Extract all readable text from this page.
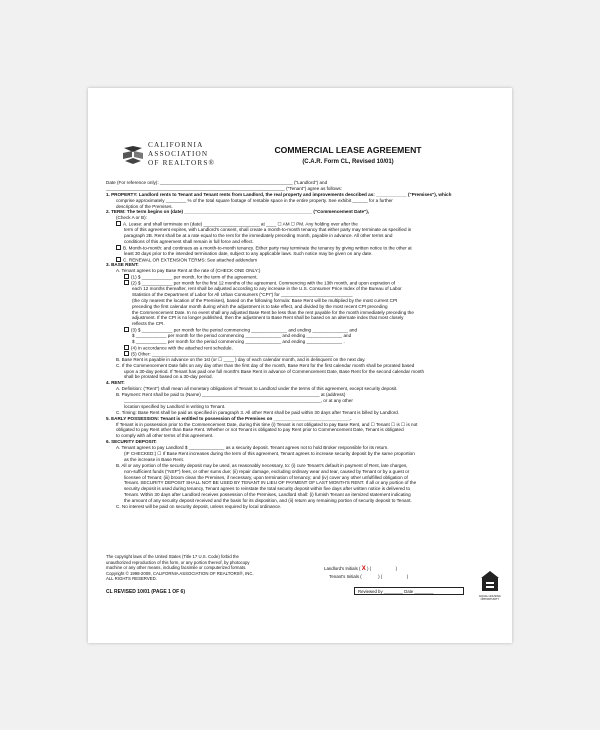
CALIFORNIA
ASSOCIATION
OF REALTORS®
COMMERCIAL LEASE AGREEMENT
(C.A.R. Form CL, Revised 10/01)
Date (For reference only): ____________________________________________________ ("Landlord") and
______________________________________________________________________ ("Tenant") agree as follows:
1. PROPERTY: Landlord rents to Tenant and Tenant rents from Landlord, the real property and improvements described as: ____________ ("Premises"), which
comprise approximately ________ % of the total square footage of rentable space in the entire property. See exhibit ______ for a further
description of the Premises.
2. TERM: The term begins on (date) __________________________________________________ ("Commencement Date"),
(Check A or B):
A. Lease: and shall terminate on (date) ______________________ at ____ ☐ AM ☐ PM. Any holding over after the
term of this agreement expires, with Landlord's consent, shall create a month-to-month tenancy that either party may terminate as specified in
paragraph 2B. Rent shall be at a rate equal to the rent for the immediately preceding month, payable in advance. All other terms and
conditions of this agreement shall remain in full force and effect.
B. Month-to-month: and continues as a month-to-month tenancy. Either party may terminate the tenancy by giving written notice to the other at
least 30 days prior to the intended termination date, subject to any applicable laws. Such notice may be given on any date.
C. RENEWAL OR EXTENSION TERMS: See attached addendum ___________________________________________
3. BASE RENT:
A. Tenant agrees to pay Base Rent at the rate of (CHECK ONE ONLY:)
(1) $ ____________ per month, for the term of the agreement.
(2) $ ____________ per month for the first 12 months of the agreement. Commencing with the 13th month, and upon expiration of
each 12 months thereafter, rent shall be adjusted according to any increase in the U.S. Consumer Price Index of the Bureau of Labor
Statistics of the Department of Labor for All Urban Consumers ("CPI") for ____________________________
(the city nearest the location of the Premises), based on the following formula: Base Rent will be multiplied by the most current CPI
preceding the first calendar month during which the adjustment is to take effect, and divided by the most recent CPI preceding
the Commencement Date. In no event shall any adjusted Base Rent be less than the rent payable for the month immediately preceding the
adjustment. If the CPI is no longer published, then the adjustment to Base Rent shall be based on an alternate index that most closely
reflects the CPI.
(3) $ ____________ per month for the period commencing ______________ and ending ______________ and
$ ____________ per month for the period commencing ______________ and ending ______________ and
$ ____________ per month for the period commencing ______________ and ending ______________ .
(4) In accordance with the attached rent schedule.
(5) Other: _______________________________________________________________________
B. Base Rent is payable in advance on the 1st (or ☐ ____ ) day of each calendar month, and is delinquent on the next day.
C. If the Commencement Date falls on any day other than the first day of the month, Base Rent for the first calendar month shall be prorated based
upon a 30-day period. If Tenant has paid one full month's Base Rent in advance of Commencement Date, Base Rent for the second calendar month
shall be prorated based on a 30-day period.
4. RENT:
A. Definition: ("Rent") shall mean all monetary obligations of Tenant to Landlord under the terms of this agreement, except security deposit.
B. Payment: Rent shall be paid to (Name) ______________________________________________ at (address)
_____________________________________________________________________________, or at any other
location specified by Landlord in writing to Tenant.
C. Timing: Base Rent shall be paid as specified in paragraph 3. All other Rent shall be paid within 30 days after Tenant is billed by Landlord.
5. EARLY POSSESSION: Tenant is entitled to possession of the Premises on ______________________________.
If Tenant is in possession prior to the Commencement Date, during this time (i) Tenant is not obligated to pay Base Rent, and ☐ Tenant ☐ is ☐ is not
obligated to pay Rent other than Base Rent. Whether or not Tenant is obligated to pay Rent prior to Commencement Date, Tenant is obligated
to comply with all other terms of this agreement.
6. SECURITY DEPOSIT:
A. Tenant agrees to pay Landlord $ ______________ as a security deposit. Tenant agrees not to hold Broker responsible for its return.
(IF CHECKED:) ☐ If Base Rent increases during the term of this agreement, Tenant agrees to increase security deposit by the same proportion
as the increase in Base Rent.
B. All or any portion of the security deposit may be used, as reasonably necessary, to: (i) cure Tenant's default in payment of Rent, late charges,
non-sufficient funds ("NSF") fees, or other sums due; (ii) repair damage, excluding ordinary wear and tear, caused by Tenant or by a guest or
licensee of Tenant; (iii) broom clean the Premises, if necessary, upon termination of tenancy; and (iv) cover any other unfulfilled obligation of
Tenant. SECURITY DEPOSIT SHALL NOT BE USED BY TENANT IN LIEU OF PAYMENT OF LAST MONTH'S RENT. If all or any portion of the
security deposit is used during tenancy, Tenant agrees to reinstate the total security deposit within five days after written notice is delivered to
Tenant. Within 30 days after Landlord receives possession of the Premises, Landlord shall: (i) furnish Tenant an itemized statement indicating
the amount of any security deposit received and the basis for its disposition, and (ii) return any remaining portion of security deposit to Tenant.
C. No interest will be paid on security deposit, unless required by local ordinance.
The copyright laws of the United States (Title 17 U.S. Code) forbid the
unauthorized reproduction of this form, or any portion thereof, by photocopy
machine or any other means, including facsimile or computerized formats.
Copyright © 1998-2009, CALIFORNIA ASSOCIATION OF REALTORS®, INC.
ALL RIGHTS RESERVED.
Landlord's Initials ( X ) (	)
Tenant's Initials (	) (	)
Reviewed by ________ Date ________
EQUAL HOUSING OPPORTUNITY
CL REVISED 10/01 (PAGE 1 OF 6)
